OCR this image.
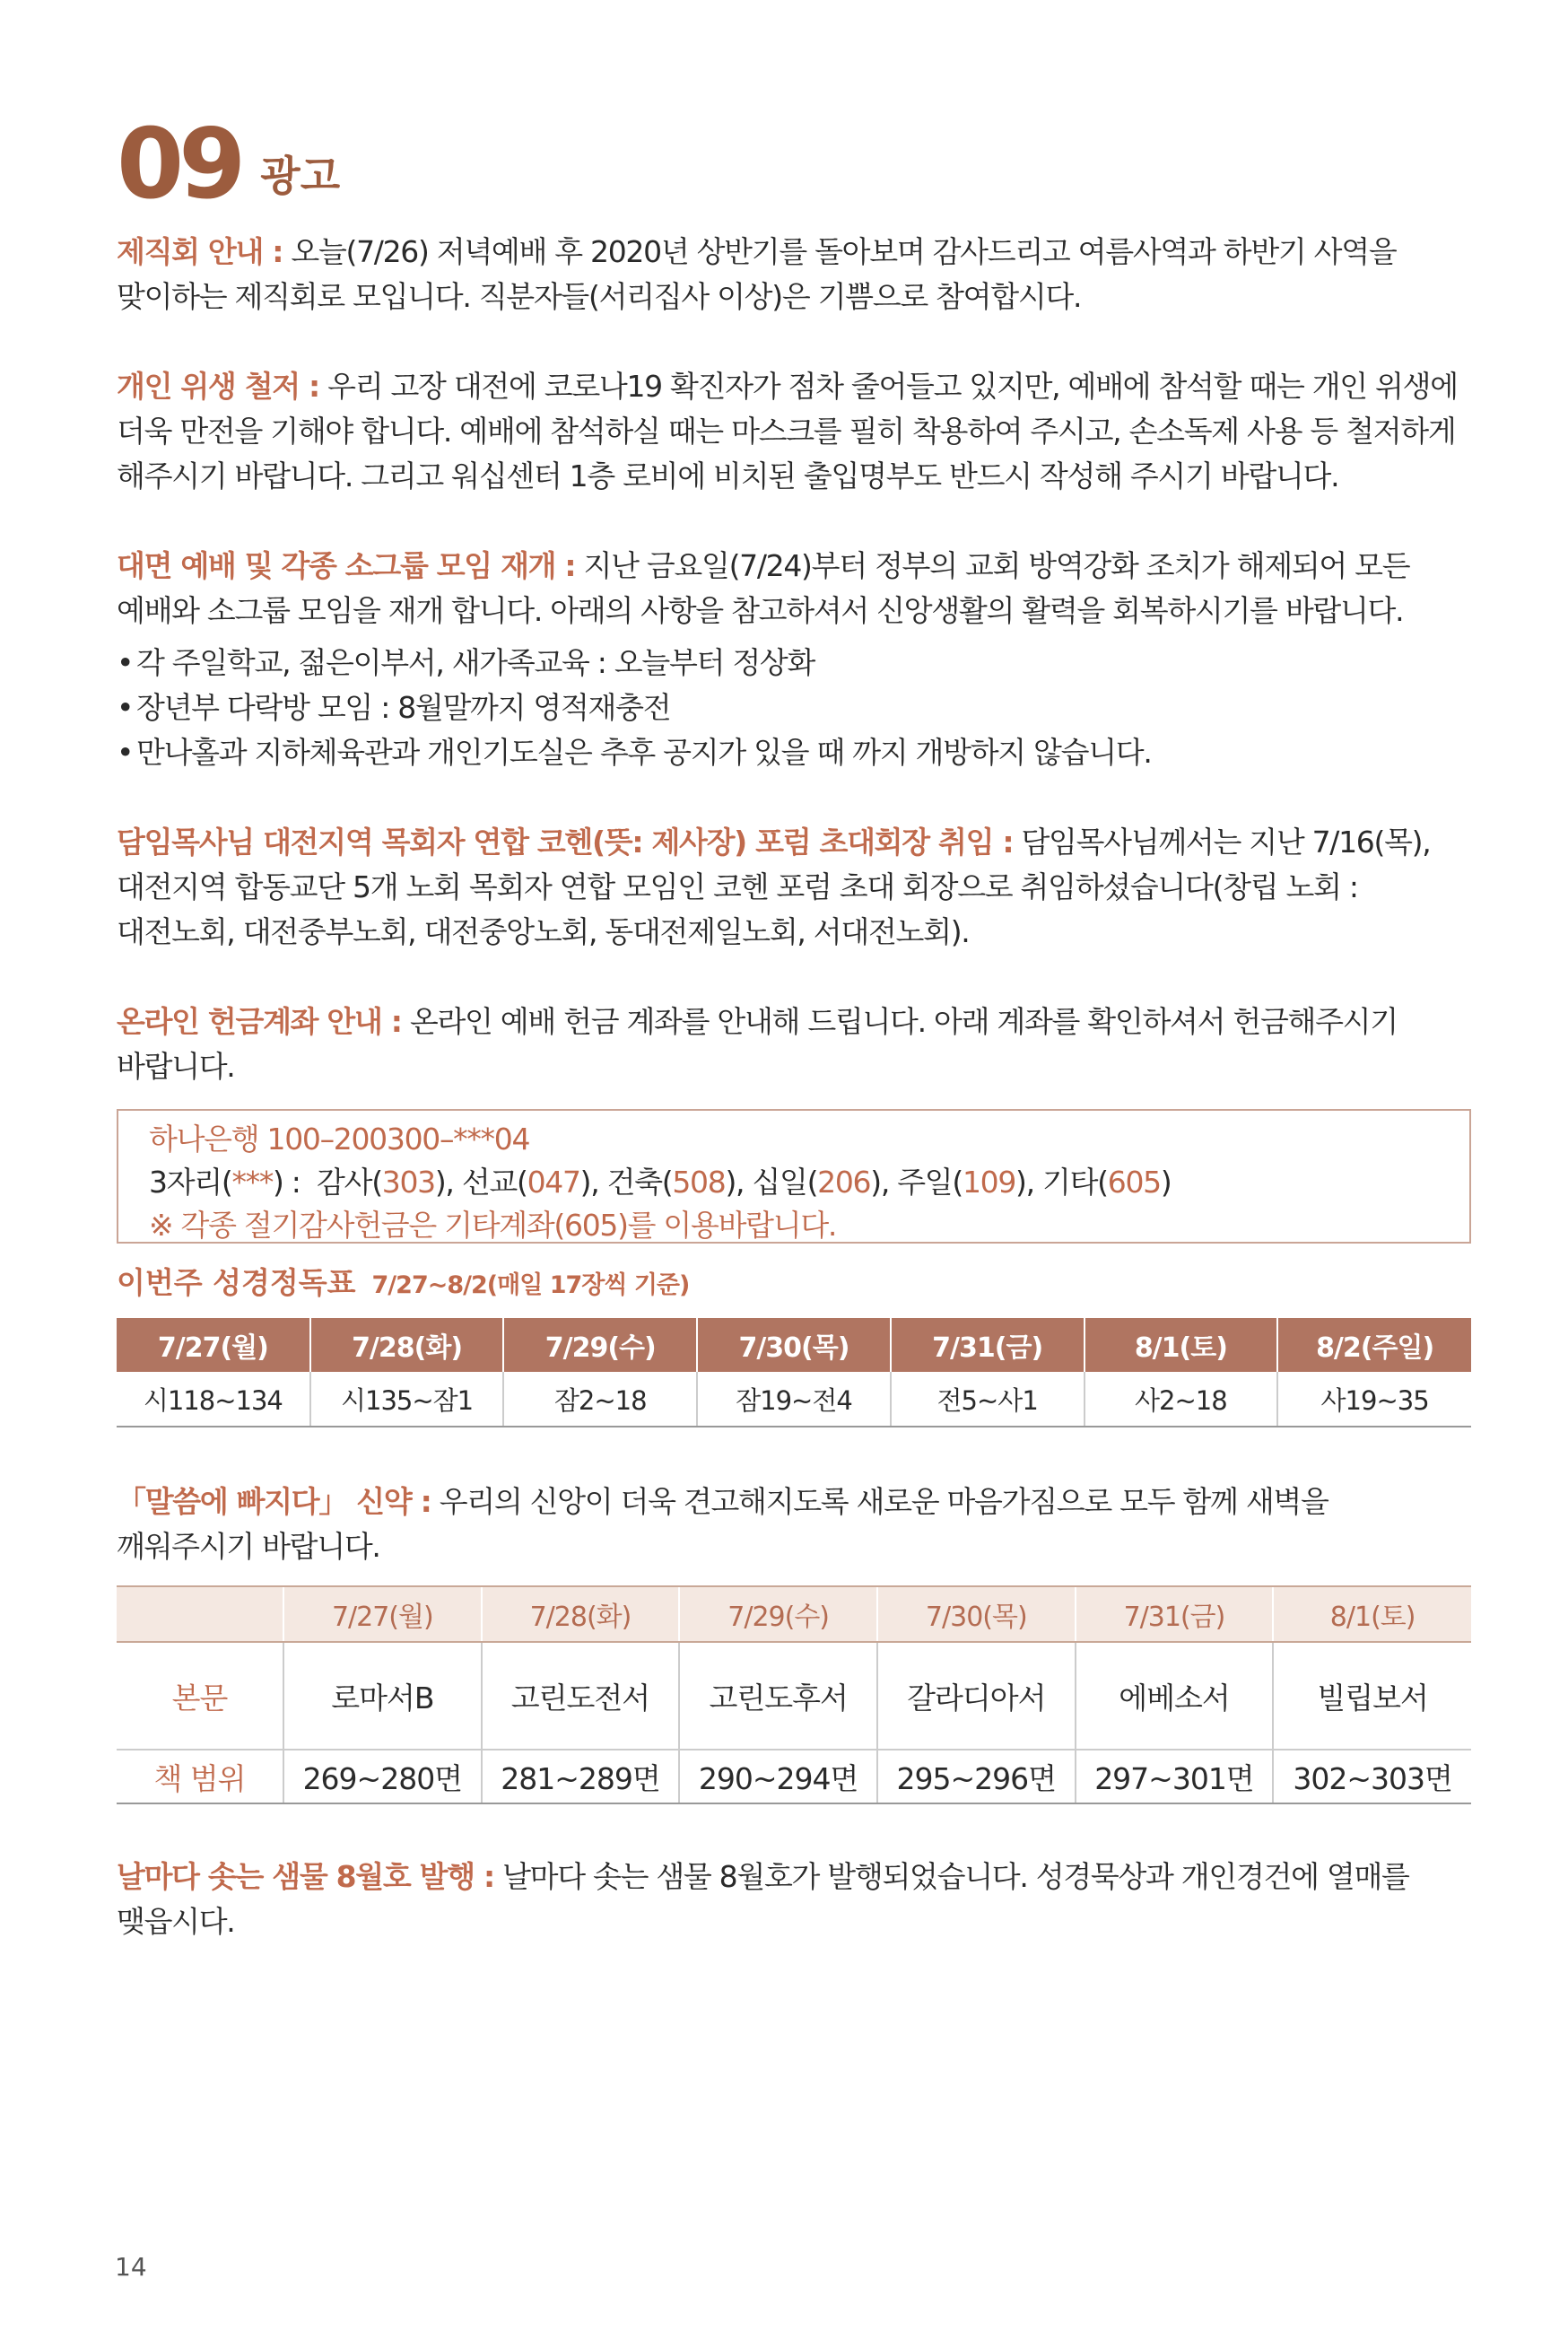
09 광고

제직회 안내 : 오늘(7/26) 저녁예배 후 2020년 상반기를 돌아보며 감사드리고 여름사역과 하반기 사역을 맞이하는 제직회로 모입니다. 직분자들(서리집사 이상)은 기쁨으로 참여합시다.

개인 위생 철저 : 우리 고장 대전에 코로나19 확진자가 점차 줄어들고 있지만, 예배에 참석할 때는 개인 위생에 더욱 만전을 기해야 합니다. 예배에 참석하실 때는 마스크를 필히 착용하여 주시고, 손소독제 사용 등 철저하게 해주시기 바랍니다. 그리고 워십센터 1층 로비에 비치된 출입명부도 반드시 작성해 주시기 바랍니다.

대면 예배 및 각종 소그룹 모임 재개 : 지난 금요일(7/24)부터 정부의 교회 방역강화 조치가 해제되어 모든 예배와 소그룹 모임을 재개 합니다. 아래의 사항을 참고하셔서 신앙생활의 활력을 회복하시기를 바랍니다.

• 각 주일학교, 젊은이부서, 새가족교육 : 오늘부터 정상화
• 장년부 다락방 모임 : 8월말까지 영적재충전
• 만나홀과 지하체육관과 개인기도실은 추후 공지가 있을 때 까지 개방하지 않습니다.

담임목사님 대전지역 목회자 연합 코헨(뜻: 제사장) 포럼 초대회장 취임 : 담임목사님께서는 지난 7/16(목), 대전지역 합동교단 5개 노회 목회자 연합 모임인 코헨 포럼 초대 회장으로 취임하셨습니다(창립 노회 : 대전노회, 대전중부노회, 대전중앙노회, 동대전제일노회, 서대전노회).

온라인 헌금계좌 안내 : 온라인 예배 헌금 계좌를 안내해 드립니다. 아래 계좌를 확인하셔서 헌금해주시기 바랍니다.

하나은행 100–200300–***04
3자리(***) : 감사(303), 선교(047), 건축(508), 십일(206), 주일(109), 기타(605)
※ 각종 절기감사헌금은 기타계좌(605)를 이용바랍니다.
이번주 성경정독표 7/27~8/2(매일 17장씩 기준)
7/27(월)	7/28(화)	7/29(수)	7/30(목)	7/31(금)	8/1(토)	8/2(주일)
시118~134	시135~잠1	잠2~18	잠19~전4	전5~사1	사2~18	사19~35

「말씀에 빠지다」 신약 : 우리의 신앙이 더욱 견고해지도록 새로운 마음가짐으로 모두 함께 새벽을 깨워주시기 바랍니다.

	7/27(월)	7/28(화)	7/29(수)	7/30(목)	7/31(금)	8/1(토)
본문	로마서B	고린도전서	고린도후서	갈라디아서	에베소서	빌립보서
책 범위	269~280면	281~289면	290~294면	295~296면	297~301면	302~303면

날마다 솟는 샘물 8월호 발행 : 날마다 솟는 샘물 8월호가 발행되었습니다. 성경묵상과 개인경건에 열매를 맺읍시다.

14
